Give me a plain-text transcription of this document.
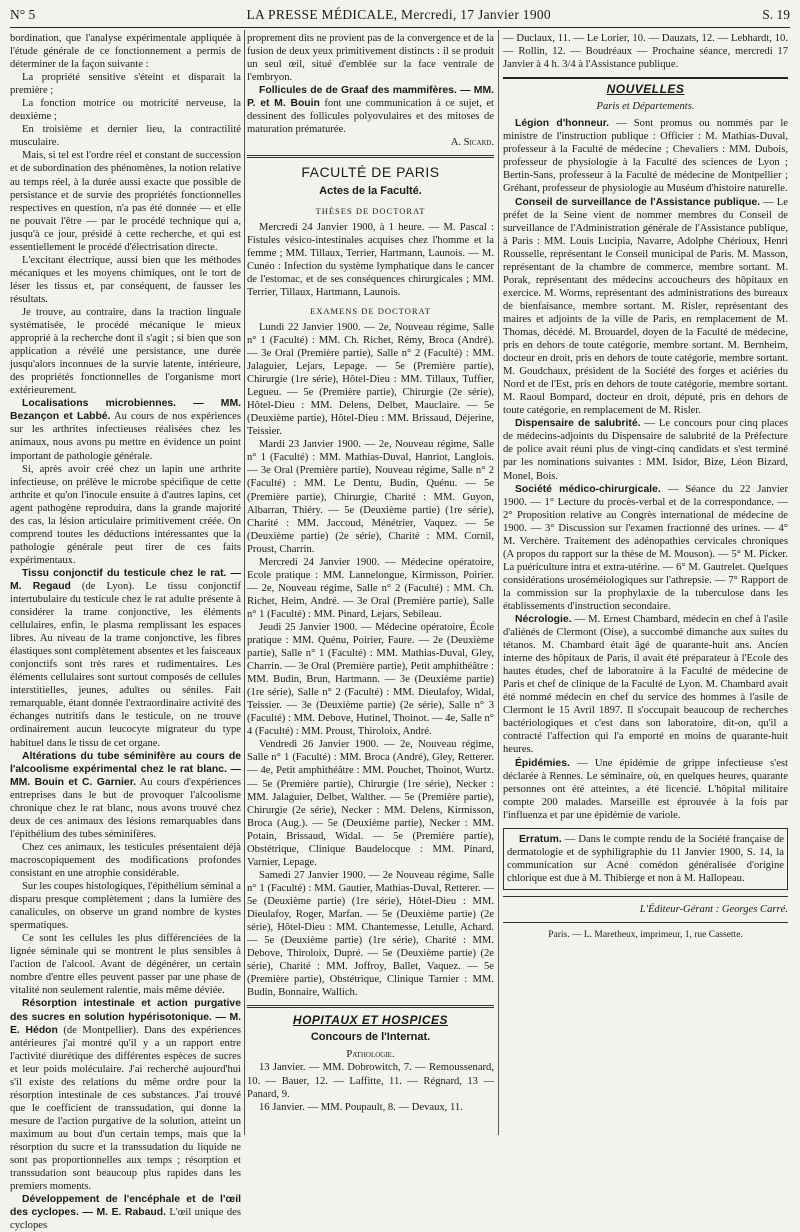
N° 5	LA PRESSE MÉDICALE, Mercredi, 17 Janvier 1900	S. 19

bordination, que l'analyse expérimentale appliquée à l'étude générale de ce fonctionnement a permis de déterminer de la façon suivante :

La propriété sensitive s'éteint et disparait la première ;

La fonction motrice ou motricité nerveuse, la deuxième ;

En troisième et dernier lieu, la contractilité musculaire.

Mais, si tel est l'ordre réel et constant de succession et de subordination des phénomènes, la notion relative au temps réel, à la durée aussi exacte que possible de persistance et de survie des propriétés fonctionnelles respectives en question, n'a pas été donnée — et elle ne pouvait l'être — par le procédé technique qui a, jusqu'à ce jour, présidé à cette recherche, et qui est essentiellement le procédé d'électrisation directe.

L'excitant électrique, aussi bien que les méthodes mécaniques et les moyens chimiques, ont le tort de léser les tissus et, par conséquent, de fausser les résultats.

Je trouve, au contraire, dans la traction linguale systématisée, le procédé mécanique le mieux approprié à la recherche dont il s'agit ; si bien que son application a révélé une persistance, une durée jusqu'alors inconnues de la survie latente, intérieure, des propriétés fonctionnelles de l'organisme mort extérieurement.

Localisations microbiennes. — MM. Bezançon et Labbé. Au cours de nos expériences sur les arthrites infectieuses réalisées chez les animaux, nous avons pu mettre en évidence un point important de pathologie générale.

Si, après avoir créé chez un lapin une arthrite infectieuse, on prélève le microbe spécifique de cette arthrite et qu'on l'inocule ensuite à d'autres lapins, cet agent pathogène reproduira, dans la grande majorité des cas, la lésion articulaire primitivement créée. On comprend toutes les déductions intéressantes que la pathologie générale peut tirer de ces faits expérimentaux.

Tissu conjonctif du testicule chez le rat. — M. Regaud (de Lyon). Le tissu conjonctif intertubulaire du testicule chez le rat adulte présente à considérer la trame conjonctive, les éléments cellulaires, enfin, le plasma remplissant les espaces libres. Au niveau de la trame conjonctive, les fibres élastiques sont complètement absentes et les faisceaux conjonctifs sont très rares et rudimentaires. Les éléments cellulaires sont surtout composés de cellules interstitielles, jeunes, adultes ou séniles. Fait remarquable, étant donnée l'extraordinaire activité des échanges nutritifs dans le testicule, on ne trouve ordinairement aucun leucocyte migrateur du type habituel dans le tissu de cet organe.

Altérations du tube séminifère au cours de l'alcoolisme expérimental chez le rat blanc. — MM. Bouin et C. Garnier. Au cours d'expériences entreprises dans le but de provoquer l'alcoolisme chronique chez le rat blanc, nous avons trouvé chez deux de ces animaux des lésions remarquables dans l'épithélium des tubes séminifères.

Chez ces animaux, les testicules présentaient déjà macroscopiquement des modifications profondes consistant en une atrophie considérable.

Sur les coupes histologiques, l'épithélium séminal a disparu presque complètement ; dans la lumière des canalicules, on observe un grand nombre de kystes spermatiques.

Ce sont les cellules les plus différenciées de la lignée séminale qui se montrent le plus sensibles à l'action de l'alcool. Avant de dégénérer, un certain nombre d'entre elles peuvent passer par une phase de vitalité non seulement ralentie, mais même déviée.

Résorption intestinale et action purgative des sucres en solution hypérisotonique. — M. E. Hédon (de Montpellier). Dans des expériences antérieures j'ai montré qu'il y a un rapport entre l'activité diurétique des différentes espèces de sucres et leur poids moléculaire. J'ai recherché aujourd'hui s'il existe des relations du même ordre pour la résorption intestinale de ces substances. J'ai trouvé que le coefficient de transsudation, qui donne la mesure de l'action purgative de la solution, atteint un maximum au bout d'un certain temps, mais que la résorption du sucre et la transsudation du liquide ne sont pas proportionnelles aux temps ; résorption et transsudation sont beaucoup plus rapides dans les premiers moments.

Développement de l'encéphale et de l'œil des cyclopes. — M. E. Rabaud. L'œil unique des cyclopes

proprement dits ne provient pas de la convergence et de la fusion de deux yeux primitivement distincts : il se produit un seul œil, situé d'emblée sur la face ventrale de l'embryon.

Follicules de de Graaf des mammifères. — MM. P. et M. Bouin font une communication à ce sujet, et dessinent des follicules polyovulaires et des mitoses de maturation prématurée.

A. Sicard.

FACULTÉ DE PARIS
Actes de la Faculté.
THÈSES DE DOCTORAT

Mercredi 24 Janvier 1900, à 1 heure. — M. Pascal : Fistules vésico-intestinales acquises chez l'homme et la femme ; MM. Tillaux, Terrier, Hartmann, Launois. — M. Cunéo : Infection du système lymphatique dans le cancer de l'estomac, et de ses conséquences chirurgicales ; MM. Terrier, Tillaux, Hartmann, Launois.

EXAMENS DE DOCTORAT

Lundi 22 Janvier 1900. — 2e, Nouveau régime, Salle n° 1 (Faculté) : MM. Ch. Richet, Rémy, Broca (André). — 3e Oral (Première partie), Salle n° 2 (Faculté) : MM. Jalaguier, Lejars, Lepage. — 5e (Première partie), Chirurgie (1re série), Hôtel-Dieu : MM. Tillaux, Tuffier, Legueu. — 5e (Première partie), Chirurgie (2e série), Hôtel-Dieu : MM. Delens, Delbet, Mauclaire. — 5e (Deuxième partie), Hôtel-Dieu : MM. Brissaud, Déjerine, Teissier.

Mardi 23 Janvier 1900. — 2e, Nouveau régime, Salle n° 1 (Faculté) : MM. Mathias-Duval, Hanriot, Langlois. — 3e Oral (Première partie), Nouveau régime, Salle n° 2 (Faculté) : MM. Le Dentu, Budin, Quénu. — 5e (Première partie), Chirurgie, Charité : MM. Guyon, Albarran, Thiéry. — 5e (Deuxième partie) (1re série), Charité : MM. Jaccoud, Ménétrier, Vaquez. — 5e (Deuxième partie) (2e série), Charité : MM. Cornil, Proust, Charrin.

Mercredi 24 Janvier 1900. — Médecine opératoire, Ecole pratique : MM. Lannelongue, Kirmisson, Poirier. — 2e, Nouveau régime, Salle n° 2 (Faculté) : MM. Ch. Richet, Heim, André. — 3e Oral (Première partie), Salle n° 1 (Faculté) : MM. Pinard, Lejars, Sebileau.

Jeudi 25 Janvier 1900. — Médecine opératoire, École pratique : MM. Quénu, Poirier, Faure. — 2e (Deuxième partie), Salle n° 1 (Faculté) : MM. Mathias-Duval, Gley, Charrin. — 3e Oral (Première partie), Petit amphithéâtre : MM. Budin, Brun, Hartmann. — 3e (Deuxième partie) (1re série), Salle n° 2 (Faculté) : MM. Dieulafoy, Widal, Teissier. — 3e (Deuxième partie) (2e série), Salle n° 3 (Faculté) : MM. Debove, Hutinel, Thoinot. — 4e, Salle n° 4 (Faculté) : MM. Proust, Thiroloix, André.

Vendredi 26 Janvier 1900. — 2e, Nouveau régime, Salle n° 1 (Faculté) : MM. Broca (André), Gley, Retterer. — 4e, Petit amphithéâtre : MM. Pouchet, Thoinot, Wurtz. — 5e (Première partie), Chirurgie (1re série), Necker : MM. Jalaguier, Delbet, Walther. — 5e (Première partie), Chirurgie (2e série), Necker : MM. Delens, Kirmisson, Broca (Aug.). — 5e (Deuxième partie), Necker : MM. Potain, Brissaud, Widal. — 5e (Première partie), Obstétrique, Clinique Baudelocque : MM. Pinard, Varnier, Lepage.

Samedi 27 Janvier 1900. — 2e Nouveau régime, Salle n° 1 (Faculté) : MM. Gautier, Mathias-Duval, Retterer. — 5e (Deuxième partie) (1re série), Hôtel-Dieu : MM. Dieulafoy, Roger, Marfan. — 5e (Deuxième partie) (2e série), Hôtel-Dieu : MM. Chantemesse, Letulle, Achard. — 5e (Deuxième partie) (1re série), Charité : MM. Debove, Thiroloix, Dupré. — 5e (Deuxième partie) (2e série), Charité : MM. Joffroy, Ballet, Vaquez. — 5e (Première partie), Obstétrique, Clinique Tarnier : MM. Budin, Bonnaire, Wallich.

HOPITAUX ET HOSPICES
Concours de l'Internat.
Pathologie.

13 Janvier. — MM. Dobrowitch, 7. — Remoussenard, 10. — Bauer, 12. — Laffitte, 11. — Régnard, 13 — Panard, 9.

16 Janvier. — MM. Poupault, 8. — Devaux, 11.

— Duclaux, 11. — Le Lorier, 10. — Dauzats, 12. — Lebhardt, 10. — Rollin, 12. — Boudréaux — Prochaine séance, mercredi 17 Janvier à 4 h. 3/4 à l'Assistance publique.

NOUVELLES
Paris et Départements.

Légion d'honneur. — Sont promus ou nommés par le ministre de l'instruction publique : Officier : M. Mathias-Duval, professeur à la Faculté de médecine ; Chevaliers : MM. Dubois, professeur de physiologie à la Faculté des sciences de Lyon ; Bertin-Sans, professeur à la Faculté de médecine de Montpellier ; Gréhant, professeur de physiologie au Muséum d'histoire naturelle.

Conseil de surveillance de l'Assistance publique. — Le préfet de la Seine vient de nommer membres du Conseil de surveillance de l'Administration générale de l'Assistance publique, à Paris : MM. Louis Lucipia, Navarre, Adolphe Chérioux, Henri Rousselle, représentant le Conseil municipal de Paris. M. Masson, représentant de la chambre de commerce, membre sortant. M. Porak, représentant des médecins accoucheurs des hôpitaux en exercice. M. Worms, représentant des administrations des bureaux de bienfaisance, membre sortant. M. Risler, représentant des maires et adjoints de la ville de Paris, en remplacement de M. Thomas, décédé. M. Brouardel, doyen de la Faculté de médecine, pris en dehors de toute catégorie, membre sortant. M. Bernheim, docteur en droit, pris en dehors de toute catégorie, membre sortant. M. Goudchaux, président de la Société des forges et aciéries du Nord et de l'Est, pris en dehors de toute catégorie, membre sortant. M. Raoul Bompard, docteur en droit, député, pris en dehors de toute catégorie, en remplacement de M. Risler.

Dispensaire de salubrité. — Le concours pour cinq places de médecins-adjoints du Dispensaire de salubrité de la Préfecture de police avait réuni plus de vingt-cinq candidats et s'est terminé par les nominations suivantes : MM. Isidor, Bize, Léon Bizard, Monel, Bois.

Société médico-chirurgicale. — Séance du 22 Janvier 1900. — 1° Lecture du procès-verbal et de la correspondance. — 2° Proposition relative au Congrès international de médecine de 1900. — 3° Discussion sur l'examen fractionné des urines. — 4° M. Verchère. Traitement des adénopathies cervicales chroniques (A propos du rapport sur la thèse de M. Mouson). — 5° M. Picker. La puériculture intra et extra-utérine. — 6° M. Gautrelet. Quelques considérations uroséméiologiques sur l'athrepsie. — 7° Rapport de la commission sur la prophylaxie de la tuberculose dans les établissements d'instruction secondaire.

Nécrologie. — M. Ernest Chambard, médecin en chef à l'asile d'aliénés de Clermont (Oise), a succombé dimanche aux suites du tétanos. M. Chambard était âgé de quarante-huit ans. Ancien interne des hôpitaux de Paris, il avait été préparateur à l'Ecole des hautes études, chef de laboratoire à la Faculté de médecine de Paris et chef de clinique de la Faculté de Lyon. M. Chambard avait été nommé médecin en chef du service des hommes à l'asile de Clermont le 15 Avril 1897. Il s'occupait beaucoup de recherches bactériologiques et c'est dans son laboratoire, dit-on, qu'il a contracté l'affection qui l'a emporté en moins de quarante-huit heures.

Épidémies. — Une épidémie de grippe infectieuse s'est déclarée à Rennes. Le séminaire, où, en quelques heures, quarante personnes ont été atteintes, a été licencié. L'hôpital militaire compte 200 malades. Marseille est éprouvée à la fois par l'influenza et par une épidémie de variole.

Erratum. — Dans le compte rendu de la Société française de dermatologie et de syphiligraphie du 11 Janvier 1900, S. 14, la communication sur Acné comédon généralisée d'origine chlorique est due à M. Thibierge et non à M. Hallopeau.

L'Éditeur-Gérant : Georges Carré.

Paris. — L. Maretheux, imprimeur, 1, rue Cassette.
